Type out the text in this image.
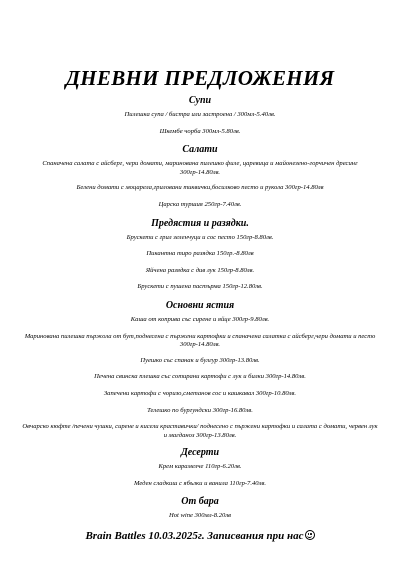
ДНЕВНИ ПРЕДЛОЖЕНИЯ
Супи
Пилешка супа / бистра или застроена / 300мл-5.40лв.
Шкембе чорба 300мл-5.80лв.
Салати
Спаначена салата с айсберг, чери домати, маринована пилешко филе, царевица и майонезено-горчичен дресинг 300гр-14.80лв.
Белени домати с моцарела,гриловани тиквички,босилково песто и рукола 300гр-14.80лв
Царска туршия 250гр-7.40лв.
Предястия и разядки.
Брускети с грил зеленчуци и сос песто 150гр-8.80лв.
Пикантна тиро разядка 150гр.-8.80лв
Яйчена разядка с див лук 150гр-8.80лв.
Брускети с пушена пастърма 150гр-12.80лв.
Основни ястия
Каша от коприва със сирене и яйце 300гр-9.80лв.
Маринована пилешка пържола от бут,поднесена с пържени картофки и спаначена салатка с айсберг,чери домати и песто 300гр-14.80лв.
Пуешко със спанак и булгур 300гр-13.80лв.
Печена свинска плешка със сотирани картофи с лук и билки 300гр-14.80лв.
Запечени картофи с чоризо,сметанов сос и кашкавал 300гр-10.80лв.
Телешко по бургундски 300гр-16.80лв.
Овчарско кюфте /печени чушки, сирене и кисели краставички/ поднесено с пържени картофки и салата с домати, червен лук и магданоз 300гр-13.80лв.
Десерти
Крем карамелче 110гр-6.20лв.
Меден сладкиш с ябълки и ванила 110гр-7.40лв.
От бара
Hot wine 300мл-8.20лв
Brain Battles 10.03.2025г. Записвания при нас
